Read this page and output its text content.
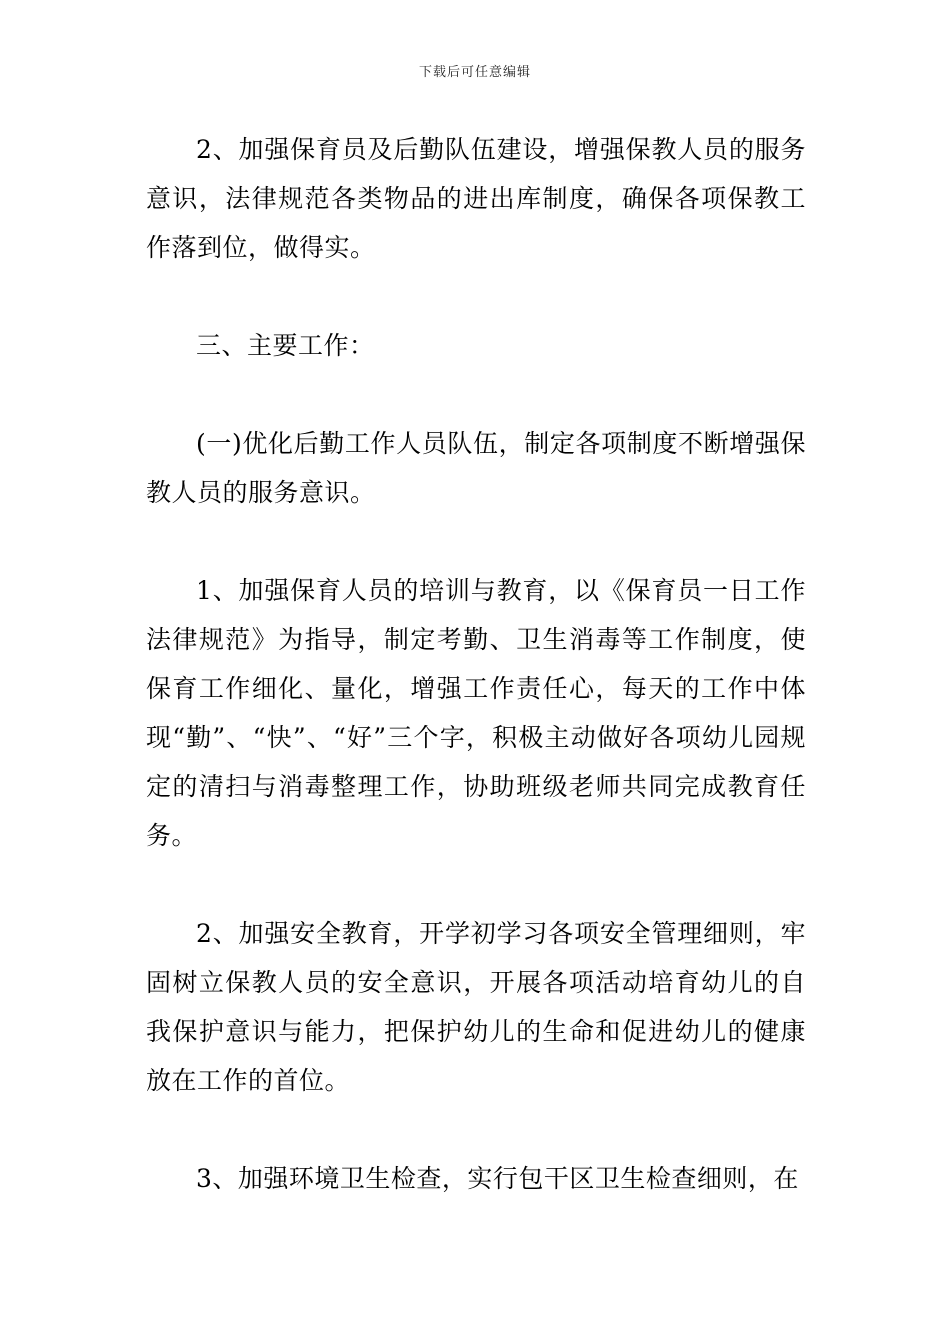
下载后可任意编辑

2、加强保育员及后勤队伍建设，增强保教人员的服务意识，法律规范各类物品的进出库制度，确保各项保教工作落到位，做得实。

三、主要工作：

(一)优化后勤工作人员队伍，制定各项制度不断增强保教人员的服务意识。

1、加强保育人员的培训与教育，以《保育员一日工作法律规范》为指导，制定考勤、卫生消毒等工作制度，使保育工作细化、量化，增强工作责任心，每天的工作中体现“勤”、“快”、“好”三个字，积极主动做好各项幼儿园规定的清扫与消毒整理工作，协助班级老师共同完成教育任务。

2、加强安全教育，开学初学习各项安全管理细则，牢固树立保教人员的安全意识，开展各项活动培育幼儿的自我保护意识与能力，把保护幼儿的生命和促进幼儿的健康放在工作的首位。

3、加强环境卫生检查，实行包干区卫生检查细则，在
